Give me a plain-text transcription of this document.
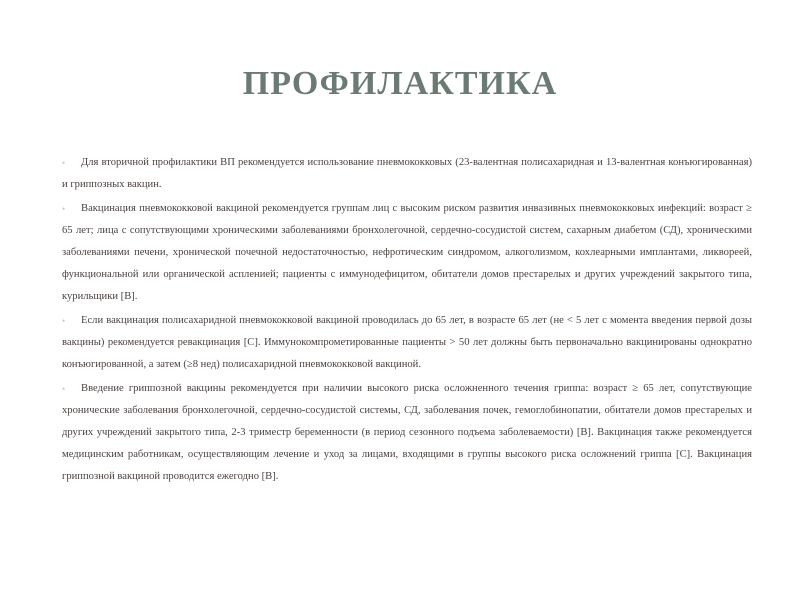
ПРОФИЛАКТИКА

• Для вторичной профилактики ВП рекомендуется использование пневмококковых (23-валентная полисахаридная и 13-валентная конъюгированная) и гриппозных вакцин.

• Вакцинация пневмококковой вакциной рекомендуется группам лиц с высоким риском развития инвазивных пневмококковых инфекций: возраст ≥ 65 лет; лица с сопутствующими хроническими заболеваниями бронхолегочной, сердечно-сосудистой систем, сахарным диабетом (СД), хроническими заболеваниями печени, хронической почечной недостаточностью, нефротическим синдромом, алкоголизмом, кохлеарными имплантами, ликвореей, функциональной или органической аспленией; пациенты с иммунодефицитом, обитатели домов престарелых и других учреждений закрытого типа, курильщики [B].

• Если вакцинация полисахаридной пневмококковой вакциной проводилась до 65 лет, в возрасте 65 лет (не < 5 лет с момента введения первой дозы вакцины) рекомендуется ревакцинация [C]. Иммунокомпрометированные пациенты > 50 лет должны быть первоначально вакцинированы однократно конъюгированной, а затем (≥8 нед) полисахаридной пневмококковой вакциной.

• Введение гриппозной вакцины рекомендуется при наличии высокого риска осложненного течения гриппа: возраст ≥ 65 лет, сопутствующие хронические заболевания бронхолегочной, сердечно-сосудистой системы, СД, заболевания почек, гемоглобинопатии, обитатели домов престарелых и других учреждений закрытого типа, 2-3 триместр беременности (в период сезонного подъема заболеваемости) [B]. Вакцинация также рекомендуется медицинским работникам, осуществляющим лечение и уход за лицами, входящими в группы высокого риска осложнений гриппа [C]. Вакцинация гриппозной вакциной проводится ежегодно [B].
